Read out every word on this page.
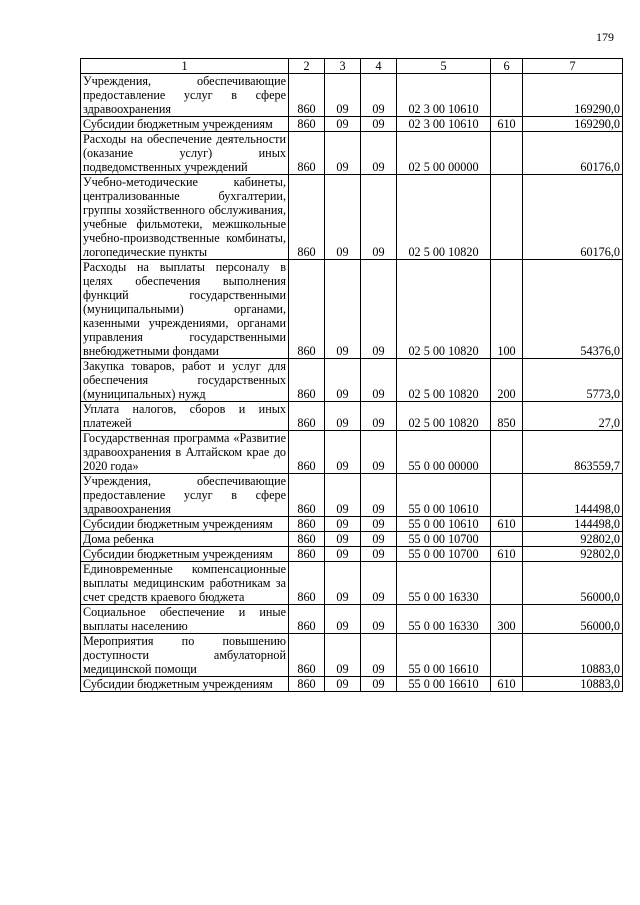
179
1	2	3	4	5	6	7
Учреждения, обеспечивающие предоставление услуг в сфере здравоохранения	860	09	09	02 3 00 10610		169290,0
Субсидии бюджетным учреждениям	860	09	09	02 3 00 10610	610	169290,0
Расходы на обеспечение деятельности (оказание услуг) иных подведомственных учреждений	860	09	09	02 5 00 00000		60176,0
Учебно-методические кабинеты, централизованные бухгалтерии, группы хозяйственного обслуживания, учебные фильмотеки, межшкольные учебно-производственные комбинаты, логопедические пункты	860	09	09	02 5 00 10820		60176,0
Расходы на выплаты персоналу в целях обеспечения выполнения функций государственными (муниципальными) органами, казенными учреждениями, органами управления государственными внебюджетными фондами	860	09	09	02 5 00 10820	100	54376,0
Закупка товаров, работ и услуг для обеспечения государственных (муниципальных) нужд	860	09	09	02 5 00 10820	200	5773,0
Уплата налогов, сборов и иных платежей	860	09	09	02 5 00 10820	850	27,0
Государственная программа «Развитие здравоохранения в Алтайском крае до 2020 года»	860	09	09	55 0 00 00000		863559,7
Учреждения, обеспечивающие предоставление услуг в сфере здравоохранения	860	09	09	55 0 00 10610		144498,0
Субсидии бюджетным учреждениям	860	09	09	55 0 00 10610	610	144498,0
Дома ребенка	860	09	09	55 0 00 10700		92802,0
Субсидии бюджетным учреждениям	860	09	09	55 0 00 10700	610	92802,0
Единовременные компенсационные выплаты медицинским работникам за счет средств краевого бюджета	860	09	09	55 0 00 16330		56000,0
Социальное обеспечение и иные выплаты населению	860	09	09	55 0 00 16330	300	56000,0
Мероприятия по повышению доступности амбулаторной медицинской помощи	860	09	09	55 0 00 16610		10883,0
Субсидии бюджетным учреждениям	860	09	09	55 0 00 16610	610	10883,0
